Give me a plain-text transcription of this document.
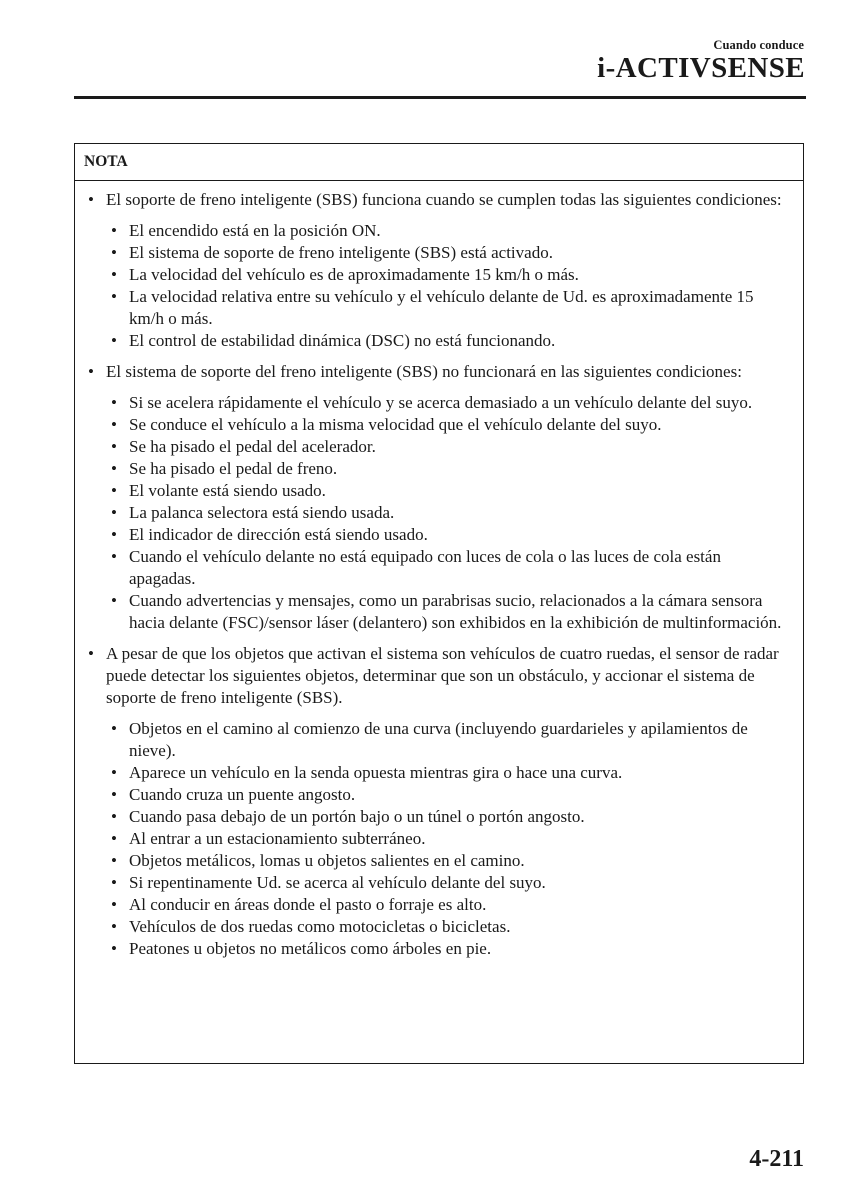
Cuando conduce
i-ACTIVSENSE
NOTA
• El soporte de freno inteligente (SBS) funciona cuando se cumplen todas las siguientes condiciones:
• El encendido está en la posición ON.
• El sistema de soporte de freno inteligente (SBS) está activado.
• La velocidad del vehículo es de aproximadamente 15 km/h o más.
• La velocidad relativa entre su vehículo y el vehículo delante de Ud. es aproximadamente 15 km/h o más.
• El control de estabilidad dinámica (DSC) no está funcionando.
• El sistema de soporte del freno inteligente (SBS) no funcionará en las siguientes condiciones:
• Si se acelera rápidamente el vehículo y se acerca demasiado a un vehículo delante del suyo.
• Se conduce el vehículo a la misma velocidad que el vehículo delante del suyo.
• Se ha pisado el pedal del acelerador.
• Se ha pisado el pedal de freno.
• El volante está siendo usado.
• La palanca selectora está siendo usada.
• El indicador de dirección está siendo usado.
• Cuando el vehículo delante no está equipado con luces de cola o las luces de cola están apagadas.
• Cuando advertencias y mensajes, como un parabrisas sucio, relacionados a la cámara sensora hacia delante (FSC)/sensor láser (delantero) son exhibidos en la exhibición de multinformación.
• A pesar de que los objetos que activan el sistema son vehículos de cuatro ruedas, el sensor de radar puede detectar los siguientes objetos, determinar que son un obstáculo, y accionar el sistema de soporte de freno inteligente (SBS).
• Objetos en el camino al comienzo de una curva (incluyendo guardarieles y apilamientos de nieve).
• Aparece un vehículo en la senda opuesta mientras gira o hace una curva.
• Cuando cruza un puente angosto.
• Cuando pasa debajo de un portón bajo o un túnel o portón angosto.
• Al entrar a un estacionamiento subterráneo.
• Objetos metálicos, lomas u objetos salientes en el camino.
• Si repentinamente Ud. se acerca al vehículo delante del suyo.
• Al conducir en áreas donde el pasto o forraje es alto.
• Vehículos de dos ruedas como motocicletas o bicicletas.
• Peatones u objetos no metálicos como árboles en pie.
4-211
